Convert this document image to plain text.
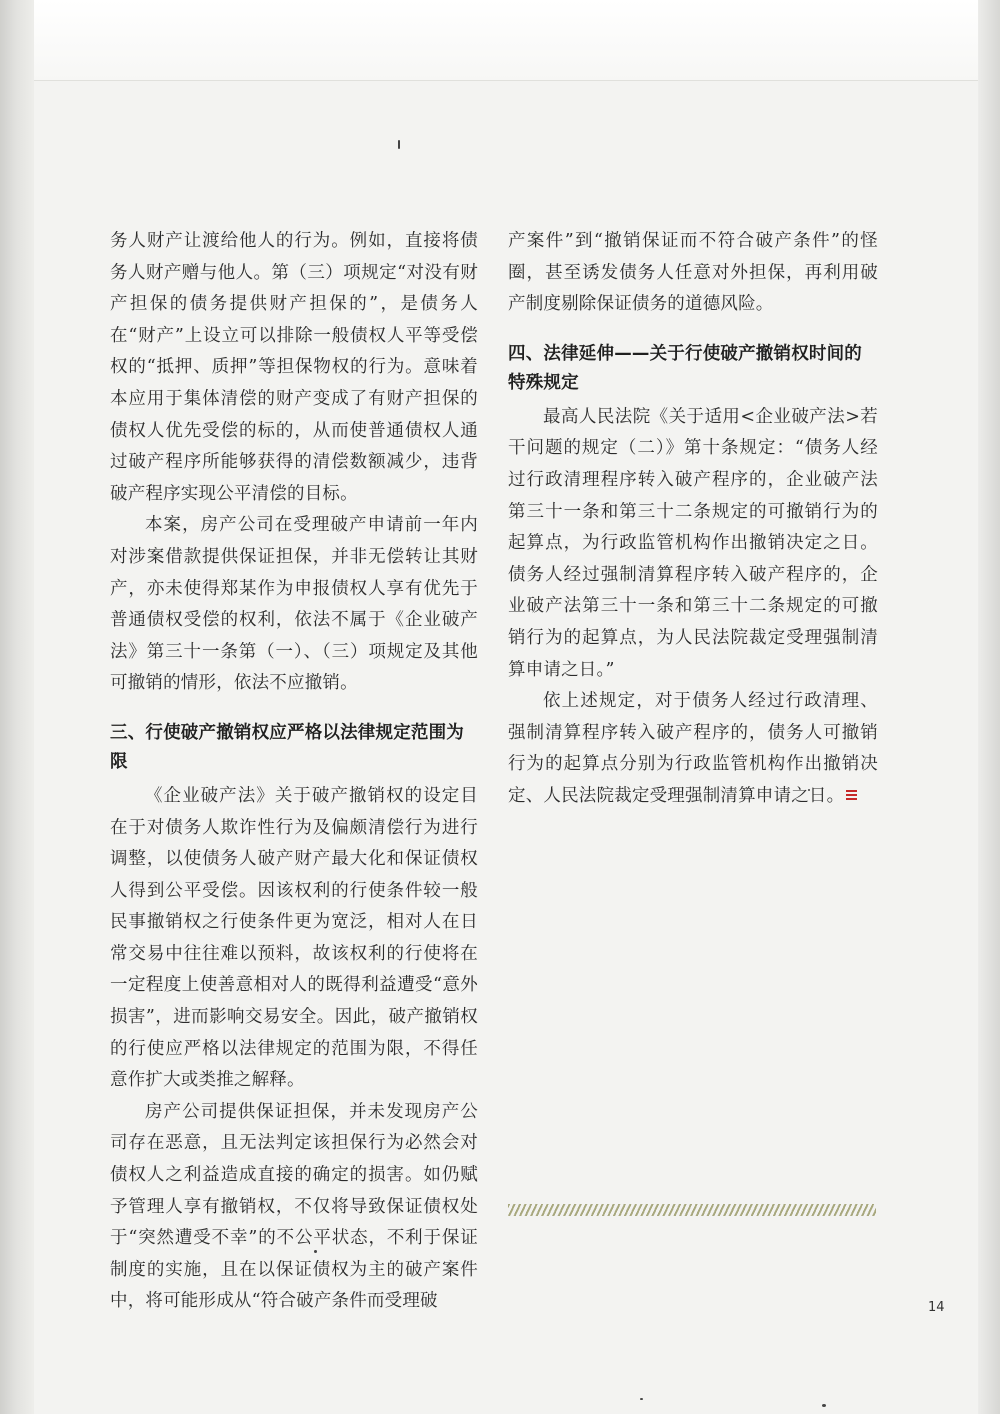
务人财产让渡给他人的行为。例如，直接将债务人财产赠与他人。第（三）项规定“对没有财产担保的债务提供财产担保的”，是债务人在“财产”上设立可以排除一般债权人平等受偿权的“抵押、质押”等担保物权的行为。意味着本应用于集体清偿的财产变成了有财产担保的债权人优先受偿的标的，从而使普通债权人通过破产程序所能够获得的清偿数额减少，违背破产程序实现公平清偿的目标。

本案，房产公司在受理破产申请前一年内对涉案借款提供保证担保，并非无偿转让其财产，亦未使得郑某作为申报债权人享有优先于普通债权受偿的权利，依法不属于《企业破产法》第三十一条第（一）、（三）项规定及其他可撤销的情形，依法不应撤销。

三、行使破产撤销权应严格以法律规定范围为限

《企业破产法》关于破产撤销权的设定目在于对债务人欺诈性行为及偏颇清偿行为进行调整，以使债务人破产财产最大化和保证债权人得到公平受偿。因该权利的行使条件较一般民事撤销权之行使条件更为宽泛，相对人在日常交易中往往难以预料，故该权利的行使将在一定程度上使善意相对人的既得利益遭受“意外损害”，进而影响交易安全。因此，破产撤销权的行使应严格以法律规定的范围为限，不得任意作扩大或类推之解释。

房产公司提供保证担保，并未发现房产公司存在恶意，且无法判定该担保行为必然会对债权人之利益造成直接的确定的损害。如仍赋予管理人享有撤销权，不仅将导致保证债权处于“突然遭受不幸”的不公平状态，不利于保证制度的实施，且在以保证债权为主的破产案件中，将可能形成从“符合破产条件而受理破

产案件”到“撤销保证而不符合破产条件”的怪圈，甚至诱发债务人任意对外担保，再利用破产制度剔除保证债务的道德风险。

四、法律延伸——关于行使破产撤销权时间的特殊规定

最高人民法院《关于适用<企业破产法>若干问题的规定（二）》第十条规定：“债务人经过行政清理程序转入破产程序的，企业破产法第三十一条和第三十二条规定的可撤销行为的起算点，为行政监管机构作出撤销决定之日。债务人经过强制清算程序转入破产程序的，企业破产法第三十一条和第三十二条规定的可撤销行为的起算点，为人民法院裁定受理强制清算申请之日。”

依上述规定，对于债务人经过行政清理、强制清算程序转入破产程序的，债务人可撤销行为的起算点分别为行政监管机构作出撤销决定、人民法院裁定受理强制清算申请之日。

14
